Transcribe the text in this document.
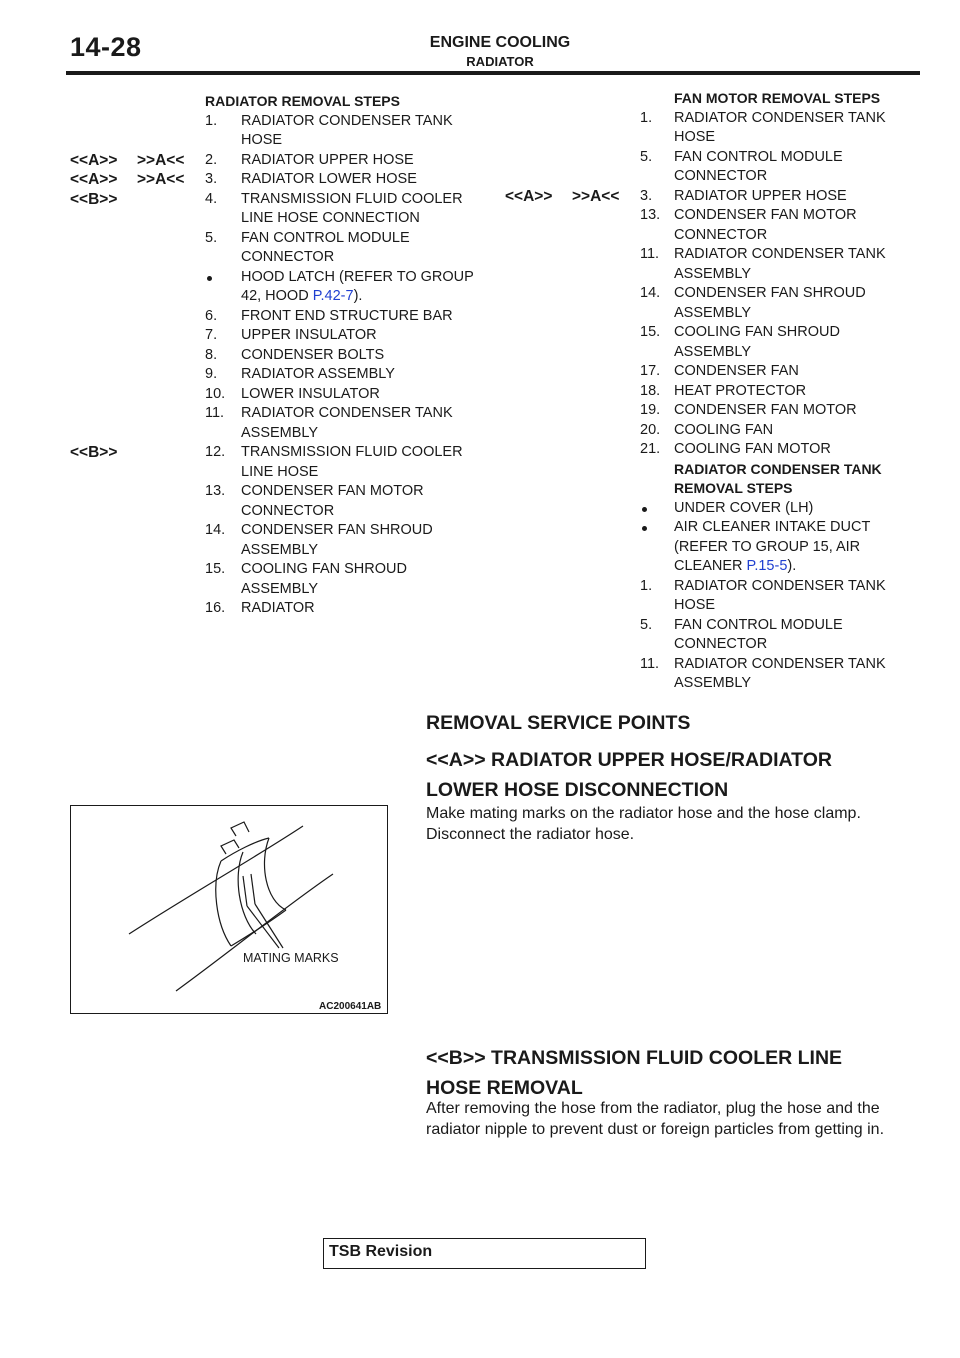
14-28	ENGINE COOLING
RADIATOR
RADIATOR REMOVAL STEPS
1.	RADIATOR CONDENSER TANK HOSE
<<A>>	>>A<<	2.	RADIATOR UPPER HOSE
<<A>>	>>A<<	3.	RADIATOR LOWER HOSE
<<B>>	4.	TRANSMISSION FLUID COOLER LINE HOSE CONNECTION
5.	FAN CONTROL MODULE CONNECTOR
HOOD LATCH (REFER TO GROUP 42, HOOD P.42-7).
6.	FRONT END STRUCTURE BAR
7.	UPPER INSULATOR
8.	CONDENSER BOLTS
9.	RADIATOR ASSEMBLY
10.	LOWER INSULATOR
11.	RADIATOR CONDENSER TANK ASSEMBLY
<<B>>	12.	TRANSMISSION FLUID COOLER LINE HOSE
13.	CONDENSER FAN MOTOR CONNECTOR
14.	CONDENSER FAN SHROUD ASSEMBLY
15.	COOLING FAN SHROUD ASSEMBLY
16.	RADIATOR
FAN MOTOR REMOVAL STEPS
1.	RADIATOR CONDENSER TANK HOSE
5.	FAN CONTROL MODULE CONNECTOR
<<A>>	>>A<<	3.	RADIATOR UPPER HOSE
13. CONDENSER FAN MOTOR CONNECTOR
11.	RADIATOR CONDENSER TANK ASSEMBLY
14. CONDENSER FAN SHROUD ASSEMBLY
15. COOLING FAN SHROUD ASSEMBLY
17. CONDENSER FAN
18. HEAT PROTECTOR
19. CONDENSER FAN MOTOR
20. COOLING FAN
21. COOLING FAN MOTOR
RADIATOR CONDENSER TANK REMOVAL STEPS
UNDER COVER (LH)
AIR CLEANER INTAKE DUCT (REFER TO GROUP 15, AIR CLEANER P.15-5).
1.	RADIATOR CONDENSER TANK HOSE
5.	FAN CONTROL MODULE CONNECTOR
11.	RADIATOR CONDENSER TANK ASSEMBLY
REMOVAL SERVICE POINTS
<<A>> RADIATOR UPPER HOSE/RADIATOR LOWER HOSE DISCONNECTION
Make mating marks on the radiator hose and the hose clamp. Disconnect the radiator hose.
MATING MARKS
AC200641AB
<<B>> TRANSMISSION FLUID COOLER LINE HOSE REMOVAL
After removing the hose from the radiator, plug the hose and the radiator nipple to prevent dust or foreign particles from getting in.
TSB Revision
